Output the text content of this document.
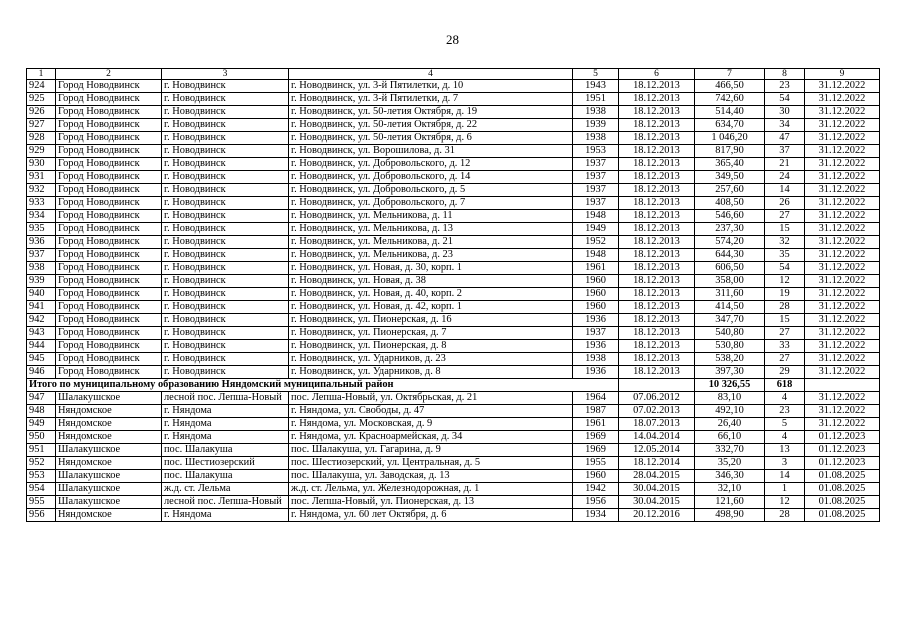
28
1	2	3	4	5	6	7	8	9
924	Город Новодвинск	г. Новодвинск	г. Новодвинск, ул. 3-й Пятилетки, д. 10	1943	18.12.2013	466,50	23	31.12.2022
925	Город Новодвинск	г. Новодвинск	г. Новодвинск, ул. 3-й Пятилетки, д. 7	1951	18.12.2013	742,60	54	31.12.2022
926	Город Новодвинск	г. Новодвинск	г. Новодвинск, ул. 50-летия Октября, д. 19	1938	18.12.2013	514,40	30	31.12.2022
927	Город Новодвинск	г. Новодвинск	г. Новодвинск, ул. 50-летия Октября, д. 22	1939	18.12.2013	634,70	34	31.12.2022
928	Город Новодвинск	г. Новодвинск	г. Новодвинск, ул. 50-летия Октября, д. 6	1938	18.12.2013	1 046,20	47	31.12.2022
929	Город Новодвинск	г. Новодвинск	г. Новодвинск, ул. Ворошилова, д. 31	1953	18.12.2013	817,90	37	31.12.2022
930	Город Новодвинск	г. Новодвинск	г. Новодвинск, ул. Добровольского, д. 12	1937	18.12.2013	365,40	21	31.12.2022
931	Город Новодвинск	г. Новодвинск	г. Новодвинск, ул. Добровольского, д. 14	1937	18.12.2013	349,50	24	31.12.2022
932	Город Новодвинск	г. Новодвинск	г. Новодвинск, ул. Добровольского, д. 5	1937	18.12.2013	257,60	14	31.12.2022
933	Город Новодвинск	г. Новодвинск	г. Новодвинск, ул. Добровольского, д. 7	1937	18.12.2013	408,50	26	31.12.2022
934	Город Новодвинск	г. Новодвинск	г. Новодвинск, ул. Мельникова, д. 11	1948	18.12.2013	546,60	27	31.12.2022
935	Город Новодвинск	г. Новодвинск	г. Новодвинск, ул. Мельникова, д. 13	1949	18.12.2013	237,30	15	31.12.2022
936	Город Новодвинск	г. Новодвинск	г. Новодвинск, ул. Мельникова, д. 21	1952	18.12.2013	574,20	32	31.12.2022
937	Город Новодвинск	г. Новодвинск	г. Новодвинск, ул. Мельникова, д. 23	1948	18.12.2013	644,30	35	31.12.2022
938	Город Новодвинск	г. Новодвинск	г. Новодвинск, ул. Новая, д. 30, корп. 1	1961	18.12.2013	606,50	54	31.12.2022
939	Город Новодвинск	г. Новодвинск	г. Новодвинск, ул. Новая, д. 38	1960	18.12.2013	358,00	12	31.12.2022
940	Город Новодвинск	г. Новодвинск	г. Новодвинск, ул. Новая, д. 40, корп. 2	1960	18.12.2013	311,60	19	31.12.2022
941	Город Новодвинск	г. Новодвинск	г. Новодвинск, ул. Новая, д. 42, корп. 1	1960	18.12.2013	414,50	28	31.12.2022
942	Город Новодвинск	г. Новодвинск	г. Новодвинск, ул. Пионерская, д. 16	1936	18.12.2013	347,70	15	31.12.2022
943	Город Новодвинск	г. Новодвинск	г. Новодвинск, ул. Пионерская, д. 7	1937	18.12.2013	540,80	27	31.12.2022
944	Город Новодвинск	г. Новодвинск	г. Новодвинск, ул. Пионерская, д. 8	1936	18.12.2013	530,80	33	31.12.2022
945	Город Новодвинск	г. Новодвинск	г. Новодвинск, ул. Ударников, д. 23	1938	18.12.2013	538,20	27	31.12.2022
946	Город Новодвинск	г. Новодвинск	г. Новодвинск, ул. Ударников, д. 8	1936	18.12.2013	397,30	29	31.12.2022
Итого по муниципальному образованию Няндомский муниципальный район						10 326,55	618	
947	Шалакушское	лесной пос. Лепша-Новый	пос. Лепша-Новый, ул. Октябрьская, д. 21	1964	07.06.2012	83,10	4	31.12.2022
948	Няндомское	г. Няндома	г. Няндома, ул. Свободы, д. 47	1987	07.02.2013	492,10	23	31.12.2022
949	Няндомское	г. Няндома	г. Няндома, ул. Московская, д. 9	1961	18.07.2013	26,40	5	31.12.2022
950	Няндомское	г. Няндома	г. Няндома, ул. Красноармейская, д. 34	1969	14.04.2014	66,10	4	01.12.2023
951	Шалакушское	пос. Шалакуша	пос. Шалакуша, ул. Гагарина, д. 9	1969	12.05.2014	332,70	13	01.12.2023
952	Няндомское	пос. Шестиозерский	пос. Шестиозерский, ул. Центральная, д. 5	1955	18.12.2014	35,20	3	01.12.2023
953	Шалакушское	пос. Шалакуша	пос. Шалакуша, ул. Заводская, д. 13	1960	28.04.2015	346,30	14	01.08.2025
954	Шалакушское	ж.д. ст. Лельма	ж.д. ст. Лельма, ул. Железнодорожная, д. 1	1942	30.04.2015	32,10	1	01.08.2025
955	Шалакушское	лесной пос. Лепша-Новый	пос. Лепша-Новый, ул. Пионерская, д. 13	1956	30.04.2015	121,60	12	01.08.2025
956	Няндомское	г. Няндома	г. Няндома, ул. 60 лет Октября, д. 6	1934	20.12.2016	498,90	28	01.08.2025
